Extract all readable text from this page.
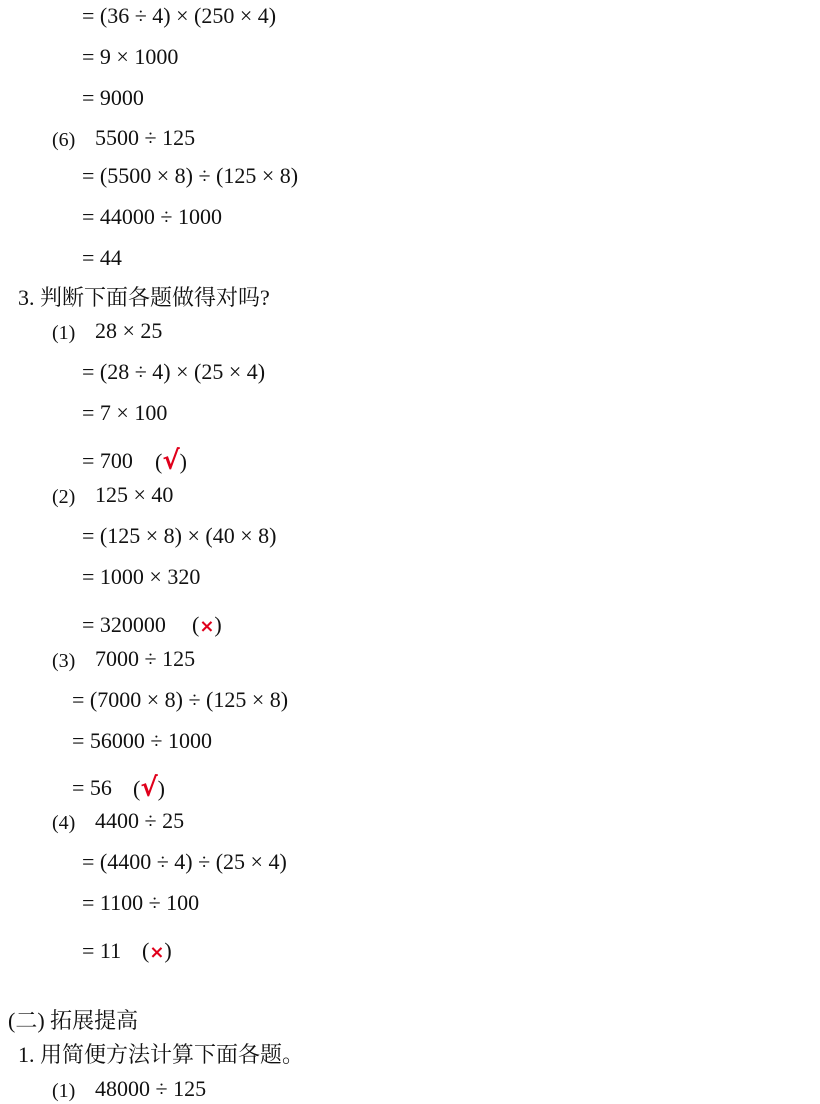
= (36 ÷ 4) × (250 × 4)
= 9 × 1000
= 9000
(6) 5500 ÷ 125
= (5500 × 8) ÷ (125 × 8)
= 44000 ÷ 1000
= 44
3. 判断下面各题做得对吗?
(1) 28 × 25
= (28 ÷ 4) × (25 × 4)
= 7 × 100
= 700 (√)
(2) 125 × 40
= (125 × 8) × (40 × 8)
= 1000 × 320
= 320000 (×)
(3) 7000 ÷ 125
= (7000 × 8) ÷ (125 × 8)
= 56000 ÷ 1000
= 56 (√)
(4) 4400 ÷ 25
= (4400 ÷ 4) ÷ (25 × 4)
= 1100 ÷ 100
= 11 (×)
(二) 拓展提高
1. 用简便方法计算下面各题。
(1) 48000 ÷ 125
